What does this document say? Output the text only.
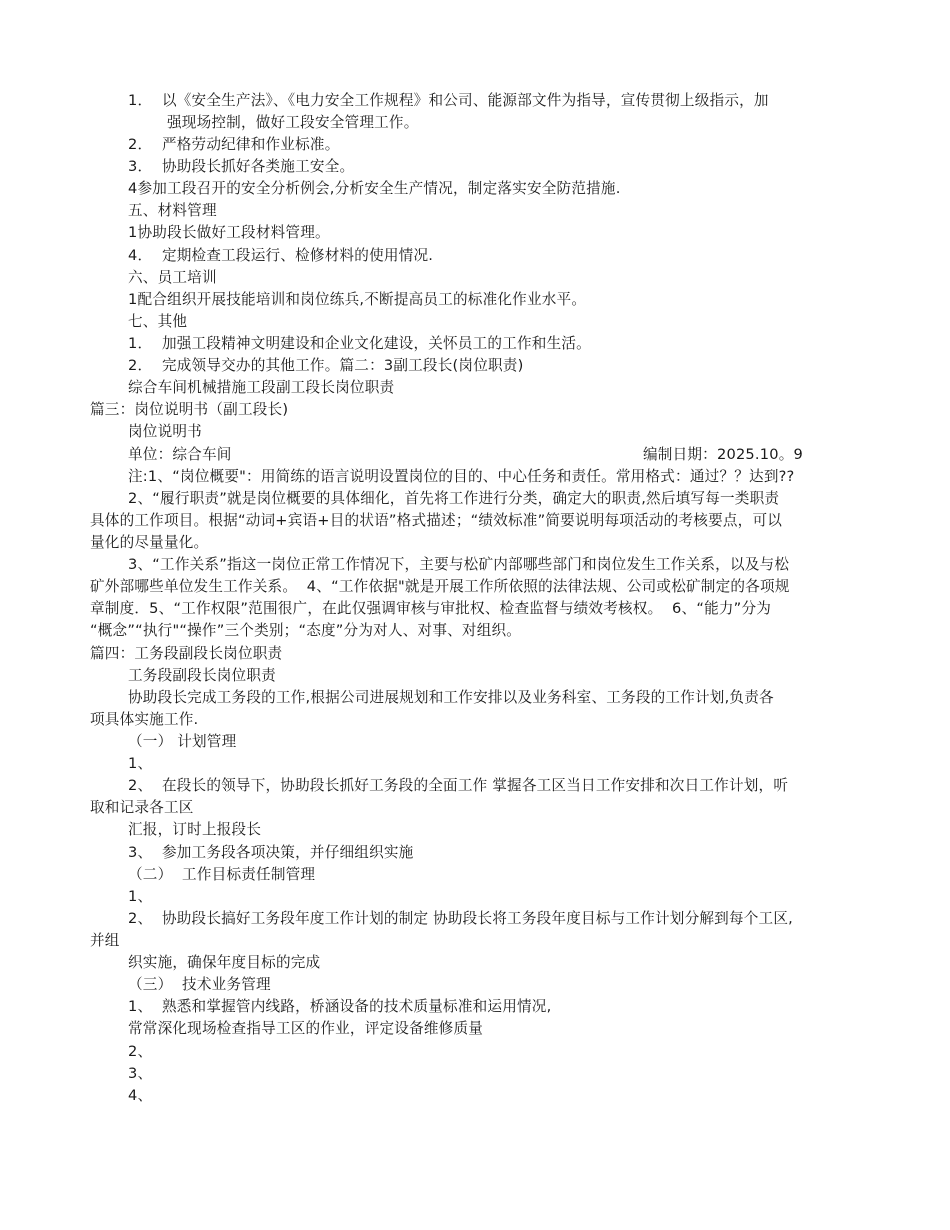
1．  以《安全生产法》、《电力安全工作规程》和公司、能源部文件为指导，宣传贯彻上级指示，加
强现场控制，做好工段安全管理工作。
2．  严格劳动纪律和作业标准。
3．  协助段长抓好各类施工安全。
4参加工段召开的安全分析例会,分析安全生产情况，制定落实安全防范措施.
五、材料管理
1协助段长做好工段材料管理。
4．  定期检查工段运行、检修材料的使用情况.
六、员工培训
1配合组织开展技能培训和岗位练兵,不断提高员工的标准化作业水平。
七、其他
1．  加强工段精神文明建设和企业文化建设，关怀员工的工作和生活。
2．  完成领导交办的其他工作。篇二：3副工段长(岗位职责)
综合车间机械措施工段副工段长岗位职责
篇三：岗位说明书（副工段长)
岗位说明书
单位：综合车间	编制日期：2025.10。9
注:1、“岗位概要"：用简练的语言说明设置岗位的目的、中心任务和责任。常用格式：通过？？达到??
2、“履行职责”就是岗位概要的具体细化，首先将工作进行分类，确定大的职责,然后填写每一类职责
具体的工作项目。根据“动词+宾语+目的状语”格式描述；“绩效标准”简要说明每项活动的考核要点，可以
量化的尽量量化。
3、“工作关系”指这一岗位正常工作情况下，主要与松矿内部哪些部门和岗位发生工作关系，以及与松
矿外部哪些单位发生工作关系。  4、“工作依据"就是开展工作所依照的法律法规、公司或松矿制定的各项规
章制度．5、“工作权限”范围很广，在此仅强调审核与审批权、检查监督与绩效考核权。  6、“能力”分为
“概念”“执行"“操作”三个类别；“态度”分为对人、对事、对组织。
篇四：工务段副段长岗位职责
工务段副段长岗位职责
协助段长完成工务段的工作,根据公司进展规划和工作安排以及业务科室、工务段的工作计划,负责各
项具体实施工作.
（一） 计划管理
1、
2、  在段长的领导下，协助段长抓好工务段的全面工作 掌握各工区当日工作安排和次日工作计划，听
取和记录各工区
汇报，订时上报段长
3、  参加工务段各项决策，并仔细组织实施
（二）  工作目标责任制管理
1、
2、  协助段长搞好工务段年度工作计划的制定 协助段长将工务段年度目标与工作计划分解到每个工区,
并组
织实施，确保年度目标的完成
（三）  技术业务管理
1、  熟悉和掌握管内线路，桥涵设备的技术质量标准和运用情况,
常常深化现场检查指导工区的作业，评定设备维修质量
2、
3、
4、
